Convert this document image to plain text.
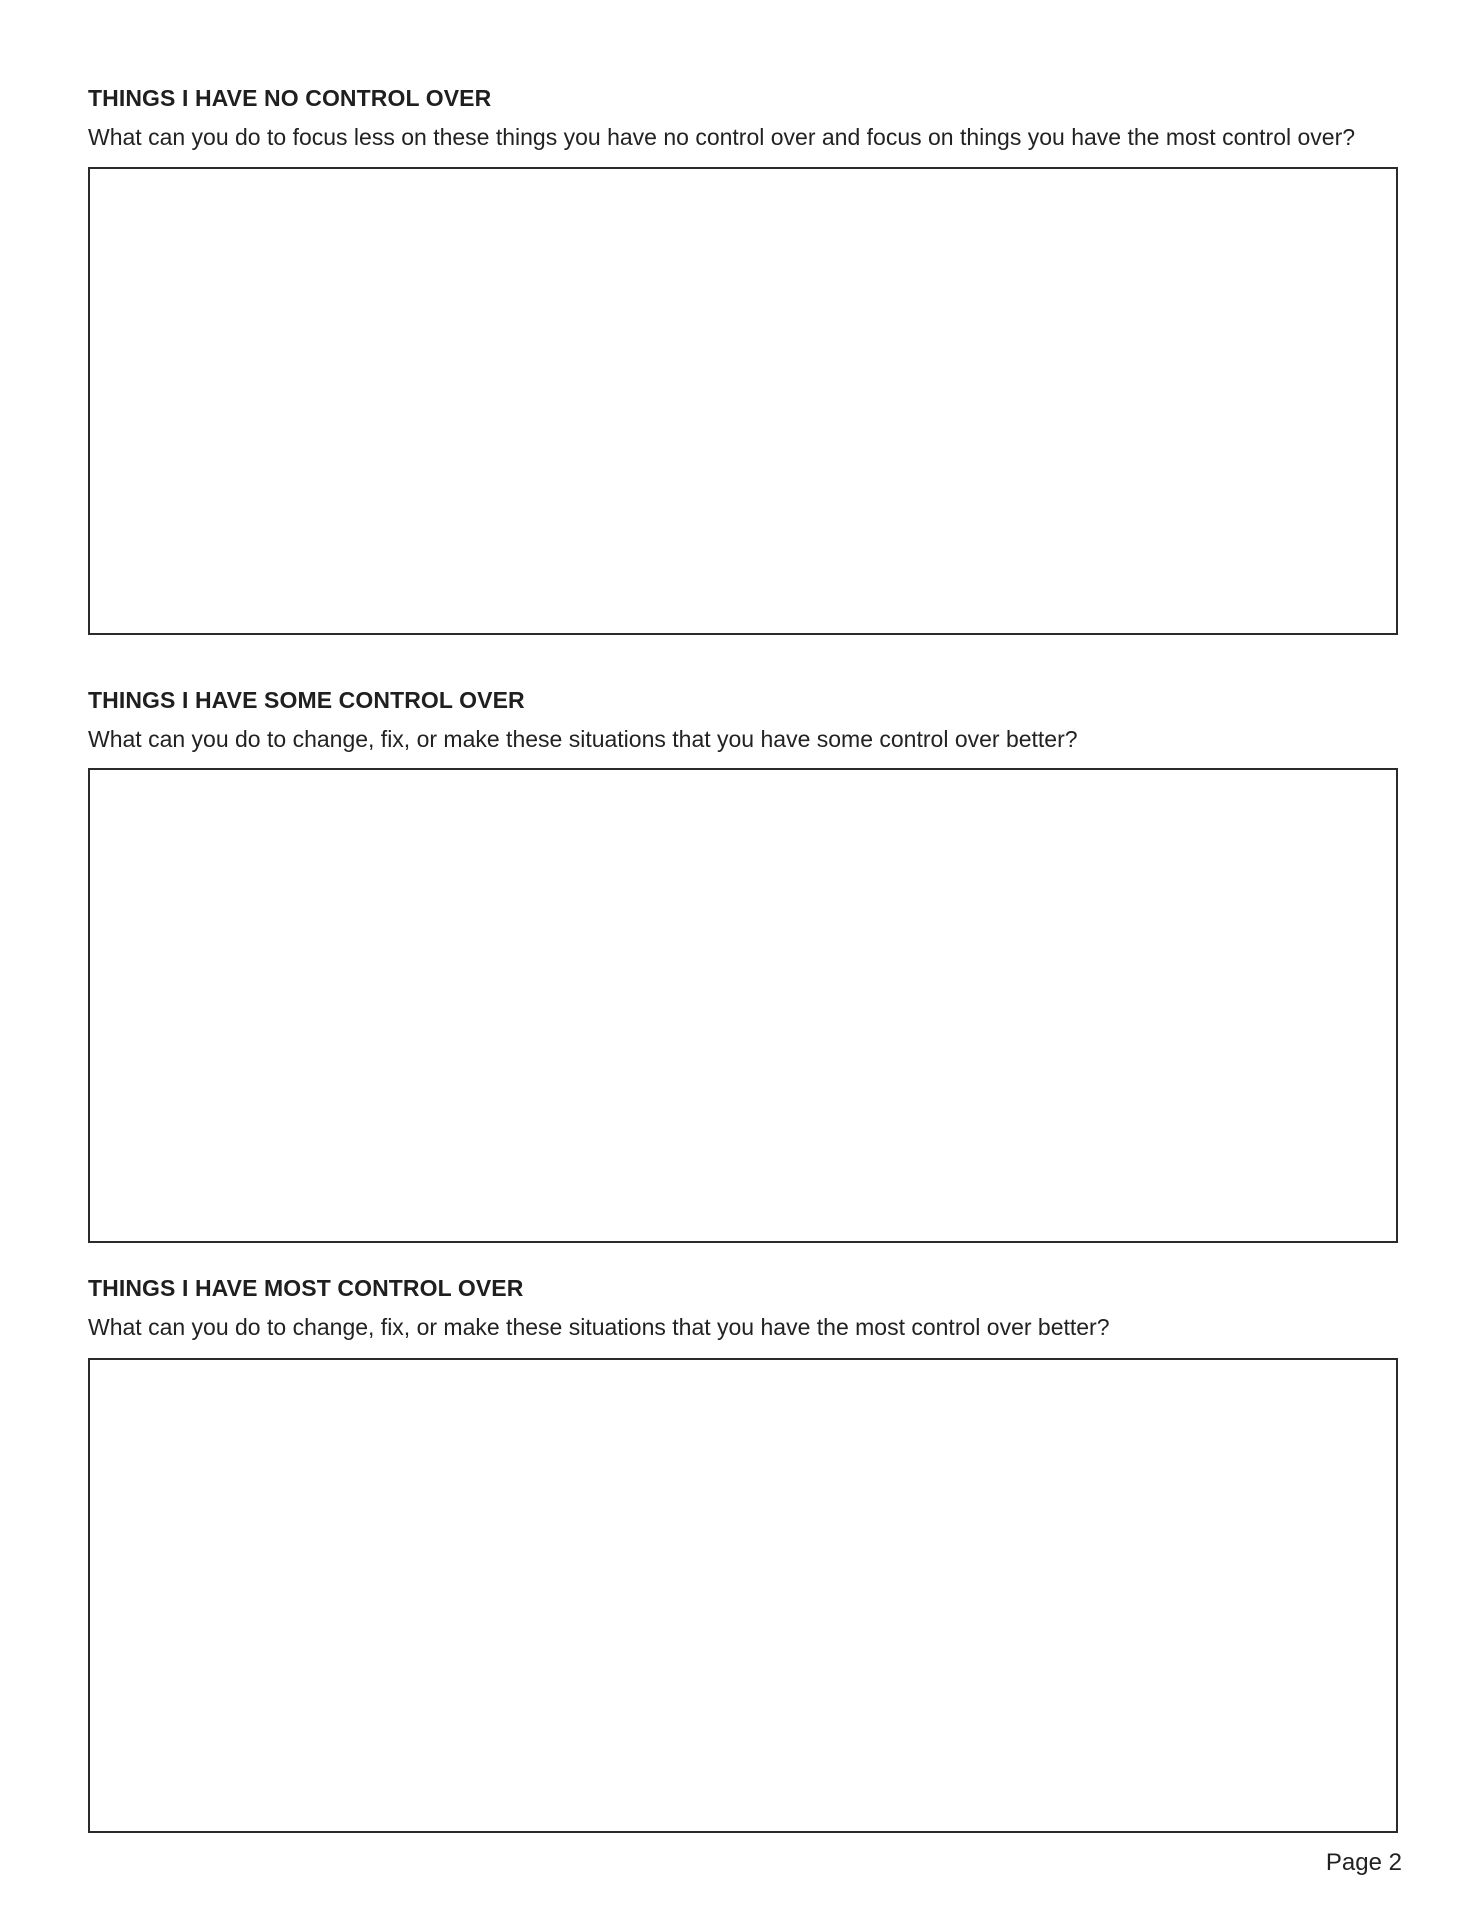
THINGS I HAVE NO CONTROL OVER

What can you do to focus less on these things you have no control over and focus on things you have the most control over?

THINGS I HAVE SOME CONTROL OVER

What can you do to change, fix, or make these situations that you have some control over better?

THINGS I HAVE MOST CONTROL OVER

What can you do to change, fix, or make these situations that you have the most control over better?

Page 2
